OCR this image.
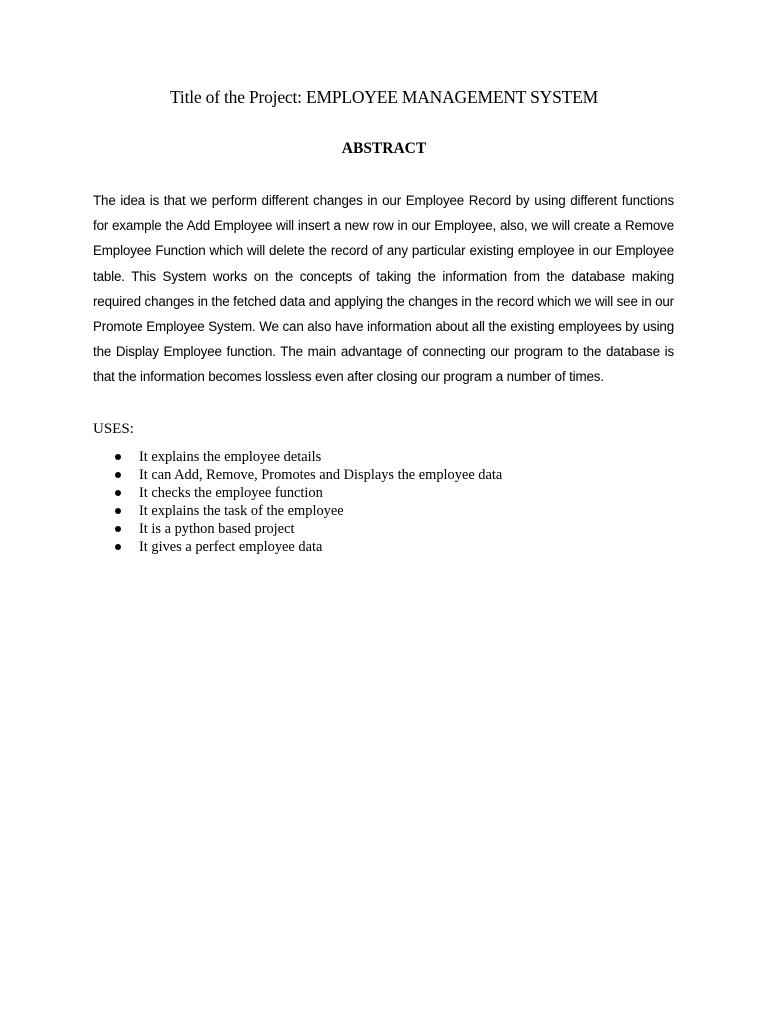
Title of the Project: EMPLOYEE MANAGEMENT SYSTEM
ABSTRACT

The idea is that we perform different changes in our Employee Record by using different functions for example the Add Employee will insert a new row in our Employee, also, we will create a Remove Employee Function which will delete the record of any particular existing employee in our Employee table. This System works on the concepts of taking the information from the database making required changes in the fetched data and applying the changes in the record which we will see in our Promote Employee System. We can also have information about all the existing employees by using the Display Employee function. The main advantage of connecting our program to the database is that the information becomes lossless even after closing our program a number of times.

USES:
It explains the employee details
It can Add, Remove, Promotes and Displays the employee data
It checks the employee function
It explains the task of the employee
It is a python based project
It gives a perfect employee data
